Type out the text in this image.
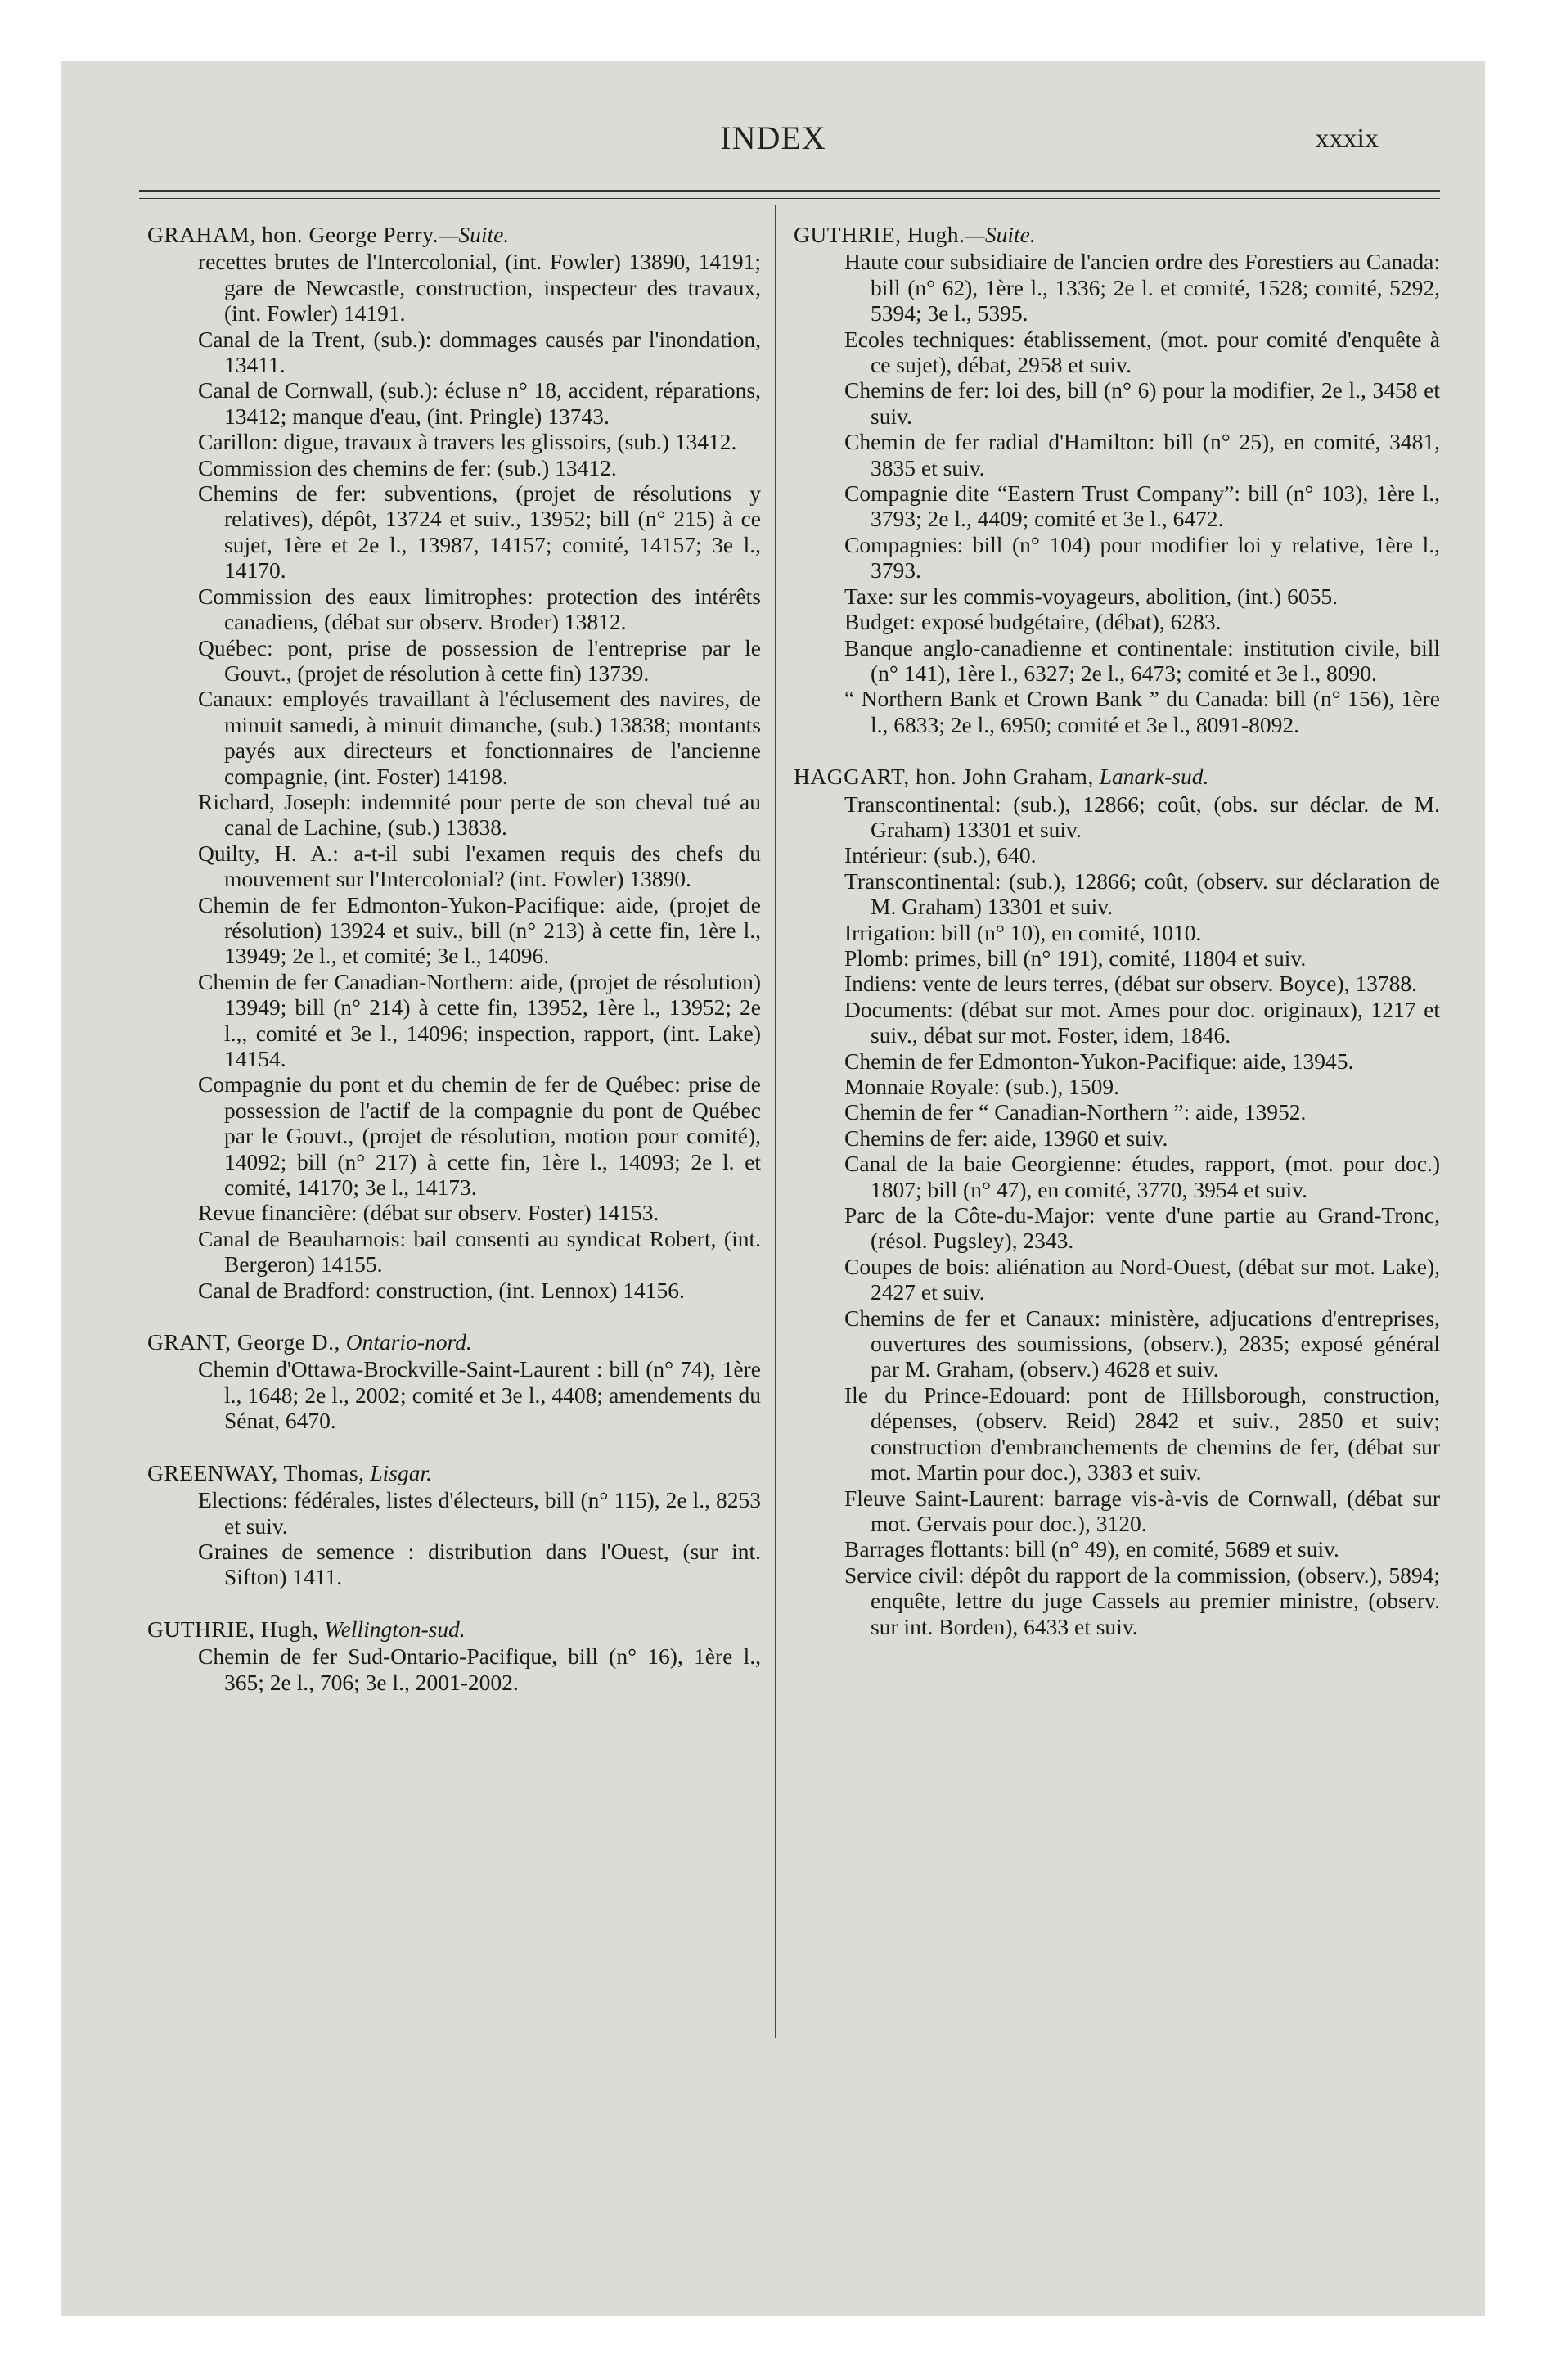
INDEX	xxxix
GRAHAM, hon. George Perry.—Suite.
recettes brutes de l'Intercolonial, (int. Fowler) 13890, 14191; gare de Newcastle, construction, inspecteur des travaux, (int. Fowler) 14191.
Canal de la Trent, (sub.): dommages causés par l'inondation, 13411.
Canal de Cornwall, (sub.): écluse n° 18, accident, réparations, 13412; manque d'eau, (int. Pringle) 13743.
Carillon: digue, travaux à travers les glissoirs, (sub.) 13412.
Commission des chemins de fer: (sub.) 13412.
Chemins de fer: subventions, (projet de résolutions y relatives), dépôt, 13724 et suiv., 13952; bill (n° 215) à ce sujet, 1ère et 2e l., 13987, 14157; comité, 14157; 3e l., 14170.
Commission des eaux limitrophes: protection des intérêts canadiens, (débat sur observ. Broder) 13812.
Québec: pont, prise de possession de l'entreprise par le Gouvt., (projet de résolution à cette fin) 13739.
Canaux: employés travaillant à l'éclusement des navires, de minuit samedi, à minuit dimanche, (sub.) 13838; montants payés aux directeurs et fonctionnaires de l'ancienne compagnie, (int. Foster) 14198.
Richard, Joseph: indemnité pour perte de son cheval tué au canal de Lachine, (sub.) 13838.
Quilty, H. A.: a-t-il subi l'examen requis des chefs du mouvement sur l'Intercolonial? (int. Fowler) 13890.
Chemin de fer Edmonton-Yukon-Pacifique: aide, (projet de résolution) 13924 et suiv., bill (n° 213) à cette fin, 1ère l., 13949; 2e l., et comité; 3e l., 14096.
Chemin de fer Canadian-Northern: aide, (projet de résolution) 13949; bill (n° 214) à cette fin, 13952, 1ère l., 13952; 2e l.,, comité et 3e l., 14096; inspection, rapport, (int. Lake) 14154.
Compagnie du pont et du chemin de fer de Québec: prise de possession de l'actif de la compagnie du pont de Québec par le Gouvt., (projet de résolution, motion pour comité), 14092; bill (n° 217) à cette fin, 1ère l., 14093; 2e l. et comité, 14170; 3e l., 14173.
Revue financière: (débat sur observ. Foster) 14153.
Canal de Beauharnois: bail consenti au syndicat Robert, (int. Bergeron) 14155.
Canal de Bradford: construction, (int. Lennox) 14156.
GRANT, George D., Ontario-nord.
Chemin d'Ottawa-Brockville-Saint-Laurent : bill (n° 74), 1ère l., 1648; 2e l., 2002; comité et 3e l., 4408; amendements du Sénat, 6470.
GREENWAY, Thomas, Lisgar.
Elections: fédérales, listes d'électeurs, bill (n° 115), 2e l., 8253 et suiv.
Graines de semence : distribution dans l'Ouest, (sur int. Sifton) 1411.
GUTHRIE, Hugh, Wellington-sud.
Chemin de fer Sud-Ontario-Pacifique, bill (n° 16), 1ère l., 365; 2e l., 706; 3e l., 2001-2002.
GUTHRIE, Hugh.—Suite.
Haute cour subsidiaire de l'ancien ordre des Forestiers au Canada: bill (n° 62), 1ère l., 1336; 2e l. et comité, 1528; comité, 5292, 5394; 3e l., 5395.
Ecoles techniques: établissement, (mot. pour comité d'enquête à ce sujet), débat, 2958 et suiv.
Chemins de fer: loi des, bill (n° 6) pour la modifier, 2e l., 3458 et suiv.
Chemin de fer radial d'Hamilton: bill (n° 25), en comité, 3481, 3835 et suiv.
Compagnie dite “Eastern Trust Company”: bill (n° 103), 1ère l., 3793; 2e l., 4409; comité et 3e l., 6472.
Compagnies: bill (n° 104) pour modifier loi y relative, 1ère l., 3793.
Taxe: sur les commis-voyageurs, abolition, (int.) 6055.
Budget: exposé budgétaire, (débat), 6283.
Banque anglo-canadienne et continentale: institution civile, bill (n° 141), 1ère l., 6327; 2e l., 6473; comité et 3e l., 8090.
“ Northern Bank et Crown Bank ” du Canada: bill (n° 156), 1ère l., 6833; 2e l., 6950; comité et 3e l., 8091-8092.
HAGGART, hon. John Graham, Lanark-sud.
Transcontinental: (sub.), 12866; coût, (obs. sur déclar. de M. Graham) 13301 et suiv.
Intérieur: (sub.), 640.
Transcontinental: (sub.), 12866; coût, (observ. sur déclaration de M. Graham) 13301 et suiv.
Irrigation: bill (n° 10), en comité, 1010.
Plomb: primes, bill (n° 191), comité, 11804 et suiv.
Indiens: vente de leurs terres, (débat sur observ. Boyce), 13788.
Documents: (débat sur mot. Ames pour doc. originaux), 1217 et suiv., débat sur mot. Foster, idem, 1846.
Chemin de fer Edmonton-Yukon-Pacifique: aide, 13945.
Monnaie Royale: (sub.), 1509.
Chemin de fer “ Canadian-Northern ”: aide, 13952.
Chemins de fer: aide, 13960 et suiv.
Canal de la baie Georgienne: études, rapport, (mot. pour doc.) 1807; bill (n° 47), en comité, 3770, 3954 et suiv.
Parc de la Côte-du-Major: vente d'une partie au Grand-Tronc, (résol. Pugsley), 2343.
Coupes de bois: aliénation au Nord-Ouest, (débat sur mot. Lake), 2427 et suiv.
Chemins de fer et Canaux: ministère, adjucations d'entreprises, ouvertures des soumissions, (observ.), 2835; exposé général par M. Graham, (observ.) 4628 et suiv.
Ile du Prince-Edouard: pont de Hillsborough, construction, dépenses, (observ. Reid) 2842 et suiv., 2850 et suiv; construction d'embranchements de chemins de fer, (débat sur mot. Martin pour doc.), 3383 et suiv.
Fleuve Saint-Laurent: barrage vis-à-vis de Cornwall, (débat sur mot. Gervais pour doc.), 3120.
Barrages flottants: bill (n° 49), en comité, 5689 et suiv.
Service civil: dépôt du rapport de la commission, (observ.), 5894; enquête, lettre du juge Cassels au premier ministre, (observ. sur int. Borden), 6433 et suiv.
